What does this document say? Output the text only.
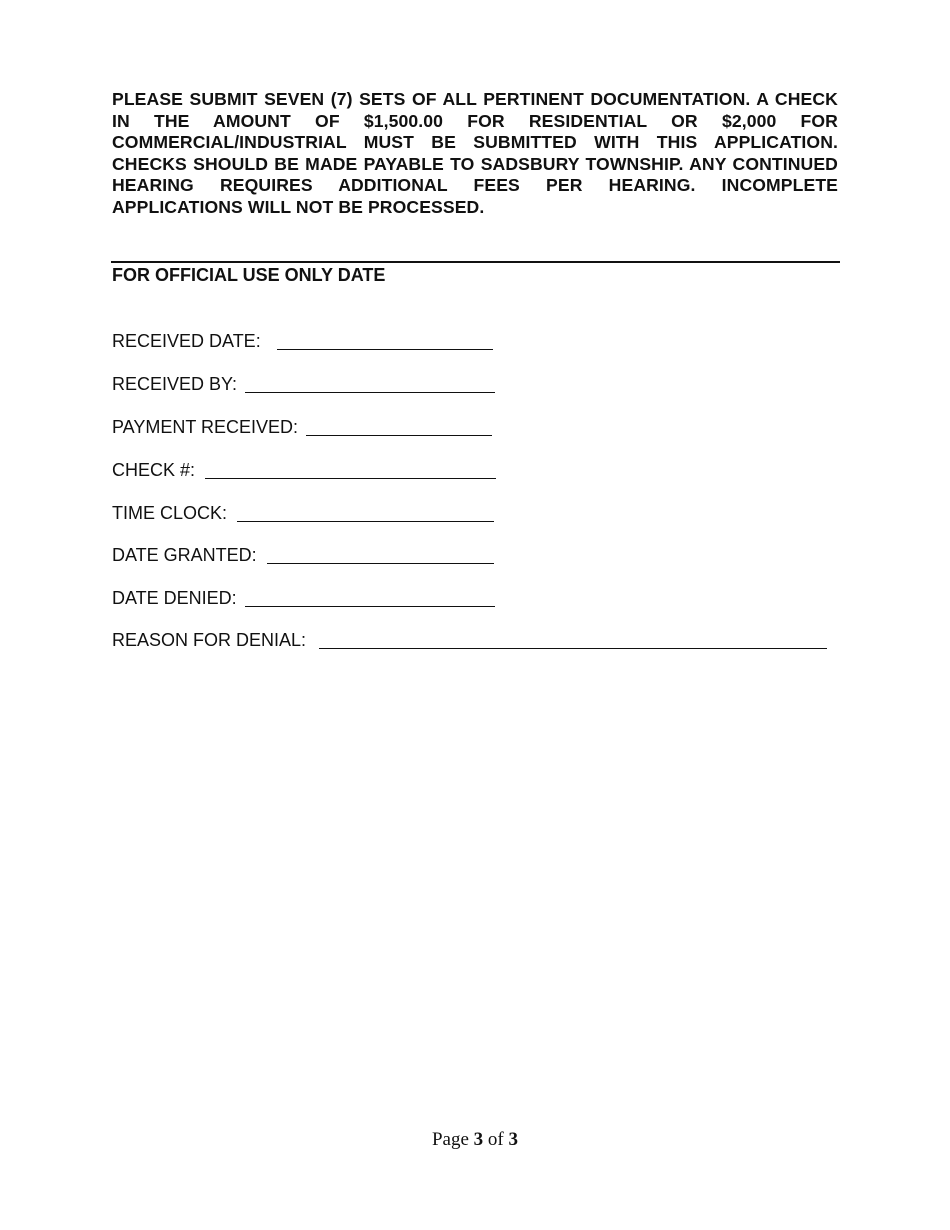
PLEASE SUBMIT SEVEN (7) SETS OF ALL PERTINENT DOCUMENTATION. A CHECK IN THE AMOUNT OF $1,500.00 FOR RESIDENTIAL OR $2,000 FOR COMMERCIAL/INDUSTRIAL MUST BE SUBMITTED WITH THIS APPLICATION. CHECKS SHOULD BE MADE PAYABLE TO SADSBURY TOWNSHIP. ANY CONTINUED HEARING REQUIRES ADDITIONAL FEES PER HEARING. INCOMPLETE APPLICATIONS WILL NOT BE PROCESSED.

FOR OFFICIAL USE ONLY DATE
RECEIVED DATE:
RECEIVED BY:
PAYMENT RECEIVED:
CHECK #:
TIME CLOCK:
DATE GRANTED:
DATE DENIED:
REASON FOR DENIAL:
Page 3 of 3
